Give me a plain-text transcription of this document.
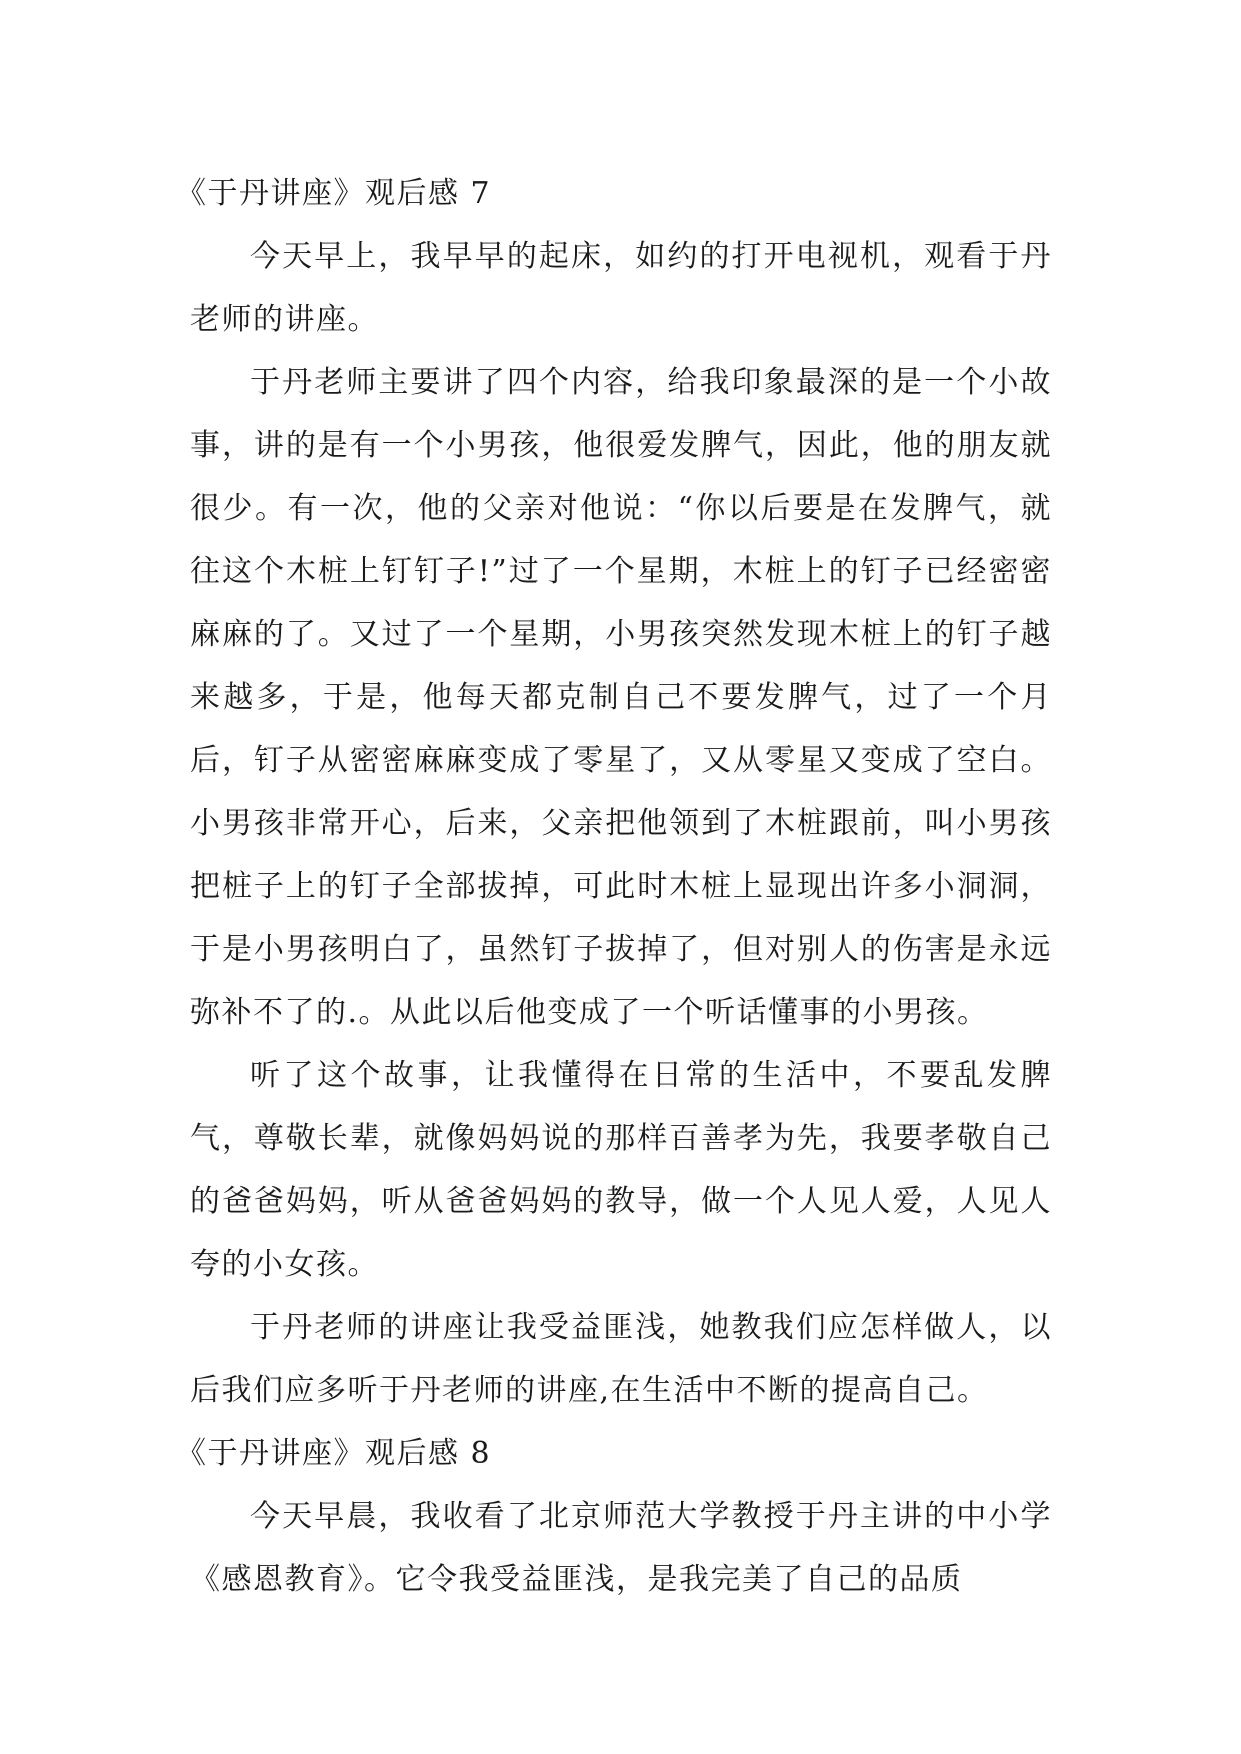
《于丹讲座》观后感 7

今天早上，我早早的起床，如约的打开电视机，观看于丹老师的讲座。

于丹老师主要讲了四个内容，给我印象最深的是一个小故事，讲的是有一个小男孩，他很爱发脾气，因此，他的朋友就很少。有一次，他的父亲对他说：“你以后要是在发脾气，就往这个木桩上钉钉子!”过了一个星期，木桩上的钉子已经密密麻麻的了。又过了一个星期，小男孩突然发现木桩上的钉子越来越多，于是，他每天都克制自己不要发脾气，过了一个月后，钉子从密密麻麻变成了零星了，又从零星又变成了空白。小男孩非常开心，后来，父亲把他领到了木桩跟前，叫小男孩把桩子上的钉子全部拔掉，可此时木桩上显现出许多小洞洞，于是小男孩明白了，虽然钉子拔掉了，但对别人的伤害是永远弥补不了的.。从此以后他变成了一个听话懂事的小男孩。

听了这个故事，让我懂得在日常的生活中，不要乱发脾气，尊敬长辈，就像妈妈说的那样百善孝为先，我要孝敬自己的爸爸妈妈，听从爸爸妈妈的教导，做一个人见人爱，人见人夸的小女孩。

于丹老师的讲座让我受益匪浅，她教我们应怎样做人，以后我们应多听于丹老师的讲座,在生活中不断的提高自己。

《于丹讲座》观后感 8

今天早晨，我收看了北京师范大学教授于丹主讲的中小学《感恩教育》。它令我受益匪浅，是我完美了自己的品质
